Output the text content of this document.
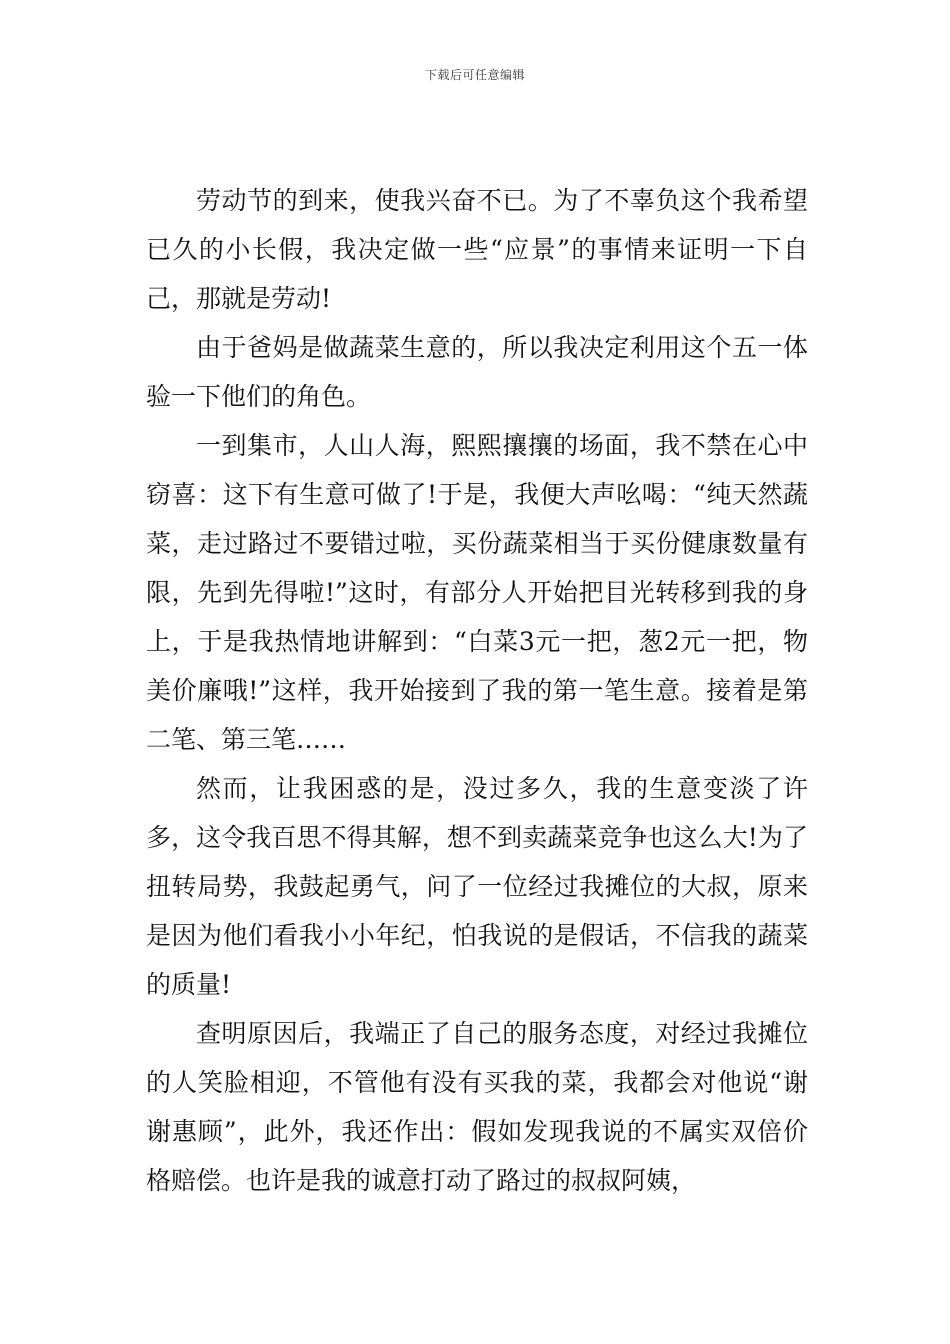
下载后可任意编辑

劳动节的到来，使我兴奋不已。为了不辜负这个我希望已久的小长假，我决定做一些“应景”的事情来证明一下自己，那就是劳动!

由于爸妈是做蔬菜生意的，所以我决定利用这个五一体验一下他们的角色。

一到集市，人山人海，熙熙攘攘的场面，我不禁在心中窃喜：这下有生意可做了!于是，我便大声吆喝：“纯天然蔬菜，走过路过不要错过啦，买份蔬菜相当于买份健康数量有限，先到先得啦!”这时，有部分人开始把目光转移到我的身上，于是我热情地讲解到：“白菜3元一把，葱2元一把，物美价廉哦!”这样，我开始接到了我的第一笔生意。接着是第二笔、第三笔……

然而，让我困惑的是，没过多久，我的生意变淡了许多，这令我百思不得其解，想不到卖蔬菜竞争也这么大!为了扭转局势，我鼓起勇气，问了一位经过我摊位的大叔，原来是因为他们看我小小年纪，怕我说的是假话，不信我的蔬菜的质量!

查明原因后，我端正了自己的服务态度，对经过我摊位的人笑脸相迎，不管他有没有买我的菜，我都会对他说“谢谢惠顾”，此外，我还作出：假如发现我说的不属实双倍价格赔偿。也许是我的诚意打动了路过的叔叔阿姨，
